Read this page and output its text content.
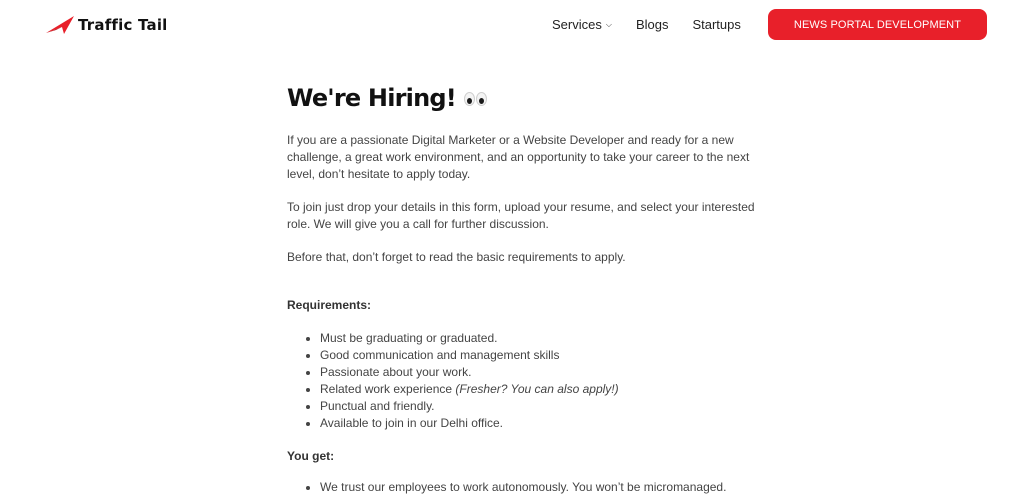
Traffic Tail	Services ⌵ Blogs Startups	NEWS PORTAL DEVELOPMENT
We're Hiring!

If you are a passionate Digital Marketer or a Website Developer and ready for a new challenge, a great work environment, and an opportunity to take your career to the next level, don’t hesitate to apply today.

To join just drop your details in this form, upload your resume, and select your interested role. We will give you a call for further discussion.

Before that, don’t forget to read the basic requirements to apply.

Requirements:
• Must be graduating or graduated.
• Good communication and management skills
• Passionate about your work.
• Related work experience (Fresher? You can also apply!)
• Punctual and friendly.
• Available to join in our Delhi office.
You get:
• We trust our employees to work autonomously. You won’t be micromanaged.
